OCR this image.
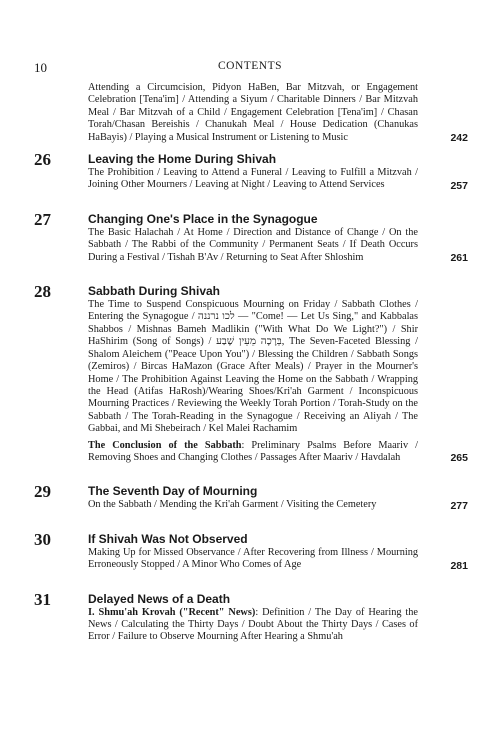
10	CONTENTS
Attending a Circumcision, Pidyon HaBen, Bar Mitzvah, or Engagement Celebration [Tena'im] / Attending a Siyum / Charitable Dinners / Bar Mitzvah Meal / Bar Mitzvah of a Child / Engagement Celebration [Tena'im] / Chasan Torah/Chasan Bereishis / Chanukah Meal / House Dedication (Chanukas HaBayis) / Playing a Musical Instrument or Listening to Music	242
26	Leaving the Home During Shivah
The Prohibition / Leaving to Attend a Funeral / Leaving to Fulfill a Mitzvah / Joining Other Mourners / Leaving at Night / Leaving to Attend Services	257
27	Changing One's Place in the Synagogue
The Basic Halachah / At Home / Direction and Distance of Change / On the Sabbath / The Rabbi of the Community / Permanent Seats / If Death Occurs During a Festival / Tishah B'Av / Returning to Seat After Shloshim	261
28	Sabbath During Shivah
The Time to Suspend Conspicuous Mourning on Friday / Sabbath Clothes / Entering the Synagogue / לכו נרננה — "Come! — Let Us Sing," and Kabbalas Shabbos / Mishnas Bameh Madlikin ("With What Do We Light?") / Shir HaShirim (Song of Songs) / בְּרָכָה מֵעֵין שֶׁבַע, The Seven-Faceted Blessing / Shalom Aleichem ("Peace Upon You") / Blessing the Children / Sabbath Songs (Zemiros) / Bircas HaMazon (Grace After Meals) / Prayer in the Mourner's Home / The Prohibition Against Leaving the Home on the Sabbath / Wrapping the Head (Atifas HaRosh)/Wearing Shoes/Kri'ah Garment / Inconspicuous Mourning Practices / Reviewing the Weekly Torah Portion / Torah-Study on the Sabbath / The Torah-Reading in the Synagogue / Receiving an Aliyah / The Gabbai, and Mi Shebeirach / Kel Malei Rachamim
The Conclusion of the Sabbath: Preliminary Psalms Before Maariv / Removing Shoes and Changing Clothes / Passages After Maariv / Havdalah	265
29	The Seventh Day of Mourning
On the Sabbath / Mending the Kri'ah Garment / Visiting the Cemetery	277
30	If Shivah Was Not Observed
Making Up for Missed Observance / After Recovering from Illness / Mourning Erroneously Stopped / A Minor Who Comes of Age	281
31	Delayed News of a Death
I. Shmu'ah Krovah ("Recent" News): Definition / The Day of Hearing the News / Calculating the Thirty Days / Doubt About the Thirty Days / Cases of Error / Failure to Observe Mourning After Hearing a Shmu'ah
